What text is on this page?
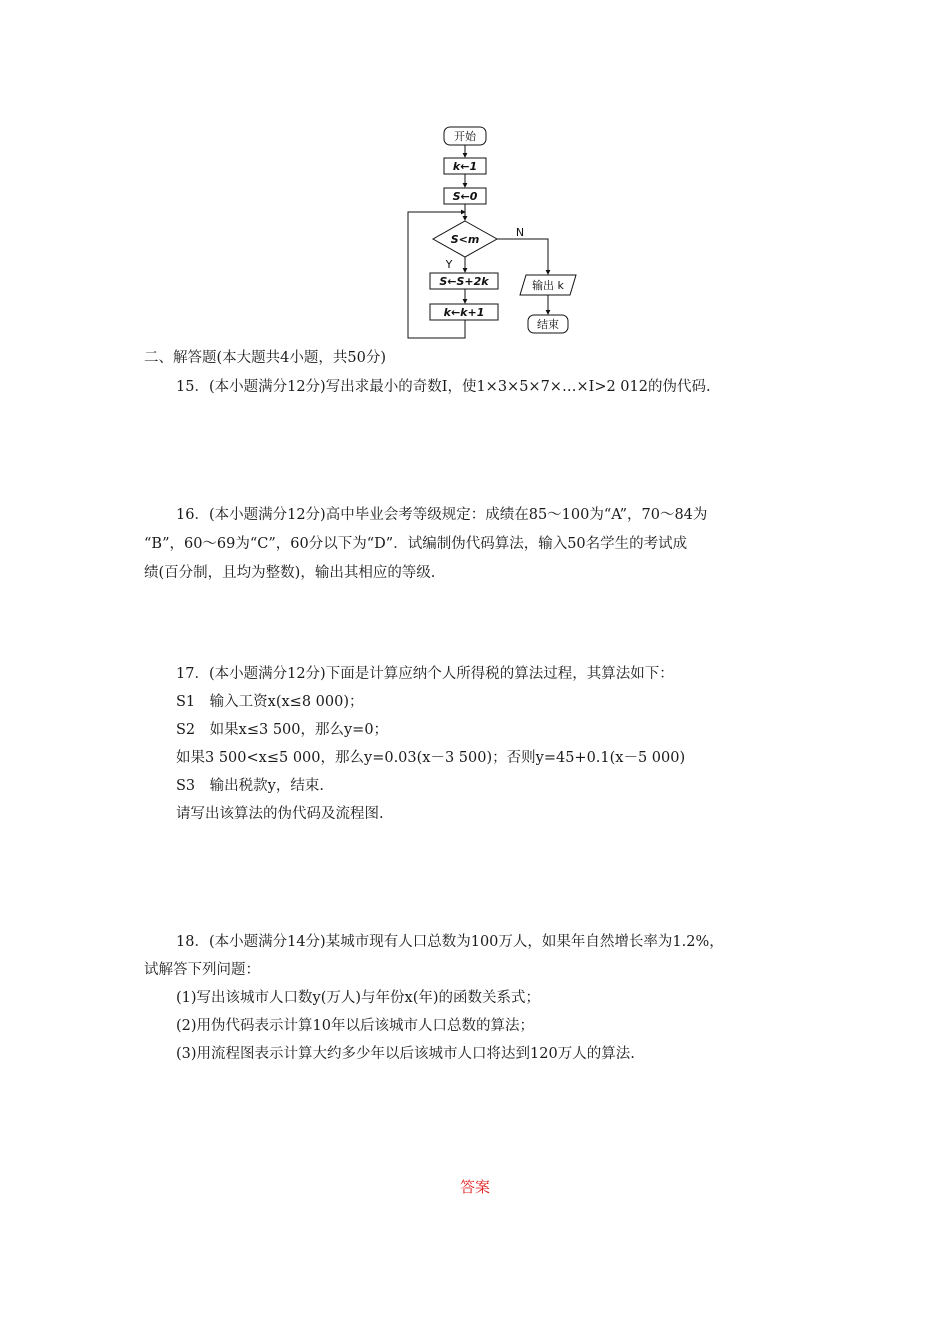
开始
k←1
S←0
S<m
Y
N
S←S+2k
k←k+1
输出 k
结束
二、解答题(本大题共4小题，共50分)
15．(本小题满分12分)写出求最小的奇数I，使1×3×5×7×…×I>2 012的伪代码.
16．(本小题满分12分)高中毕业会考等级规定：成绩在85～100为“A”，70～84为
“B”，60～69为“C”，60分以下为“D”．试编制伪代码算法，输入50名学生的考试成
绩(百分制，且均为整数)，输出其相应的等级.
17．(本小题满分12分)下面是计算应纳个人所得税的算法过程，其算法如下：
S1　输入工资x(x≤8 000)；
S2　如果x≤3 500，那么y=0；
如果3 500<x≤5 000，那么y=0.03(x－3 500)；否则y=45+0.1(x－5 000)
S3　输出税款y，结束.
请写出该算法的伪代码及流程图.
18．(本小题满分14分)某城市现有人口总数为100万人，如果年自然增长率为1.2%，
试解答下列问题：
(1)写出该城市人口数y(万人)与年份x(年)的函数关系式；
(2)用伪代码表示计算10年以后该城市人口总数的算法；
(3)用流程图表示计算大约多少年以后该城市人口将达到120万人的算法.
答案
